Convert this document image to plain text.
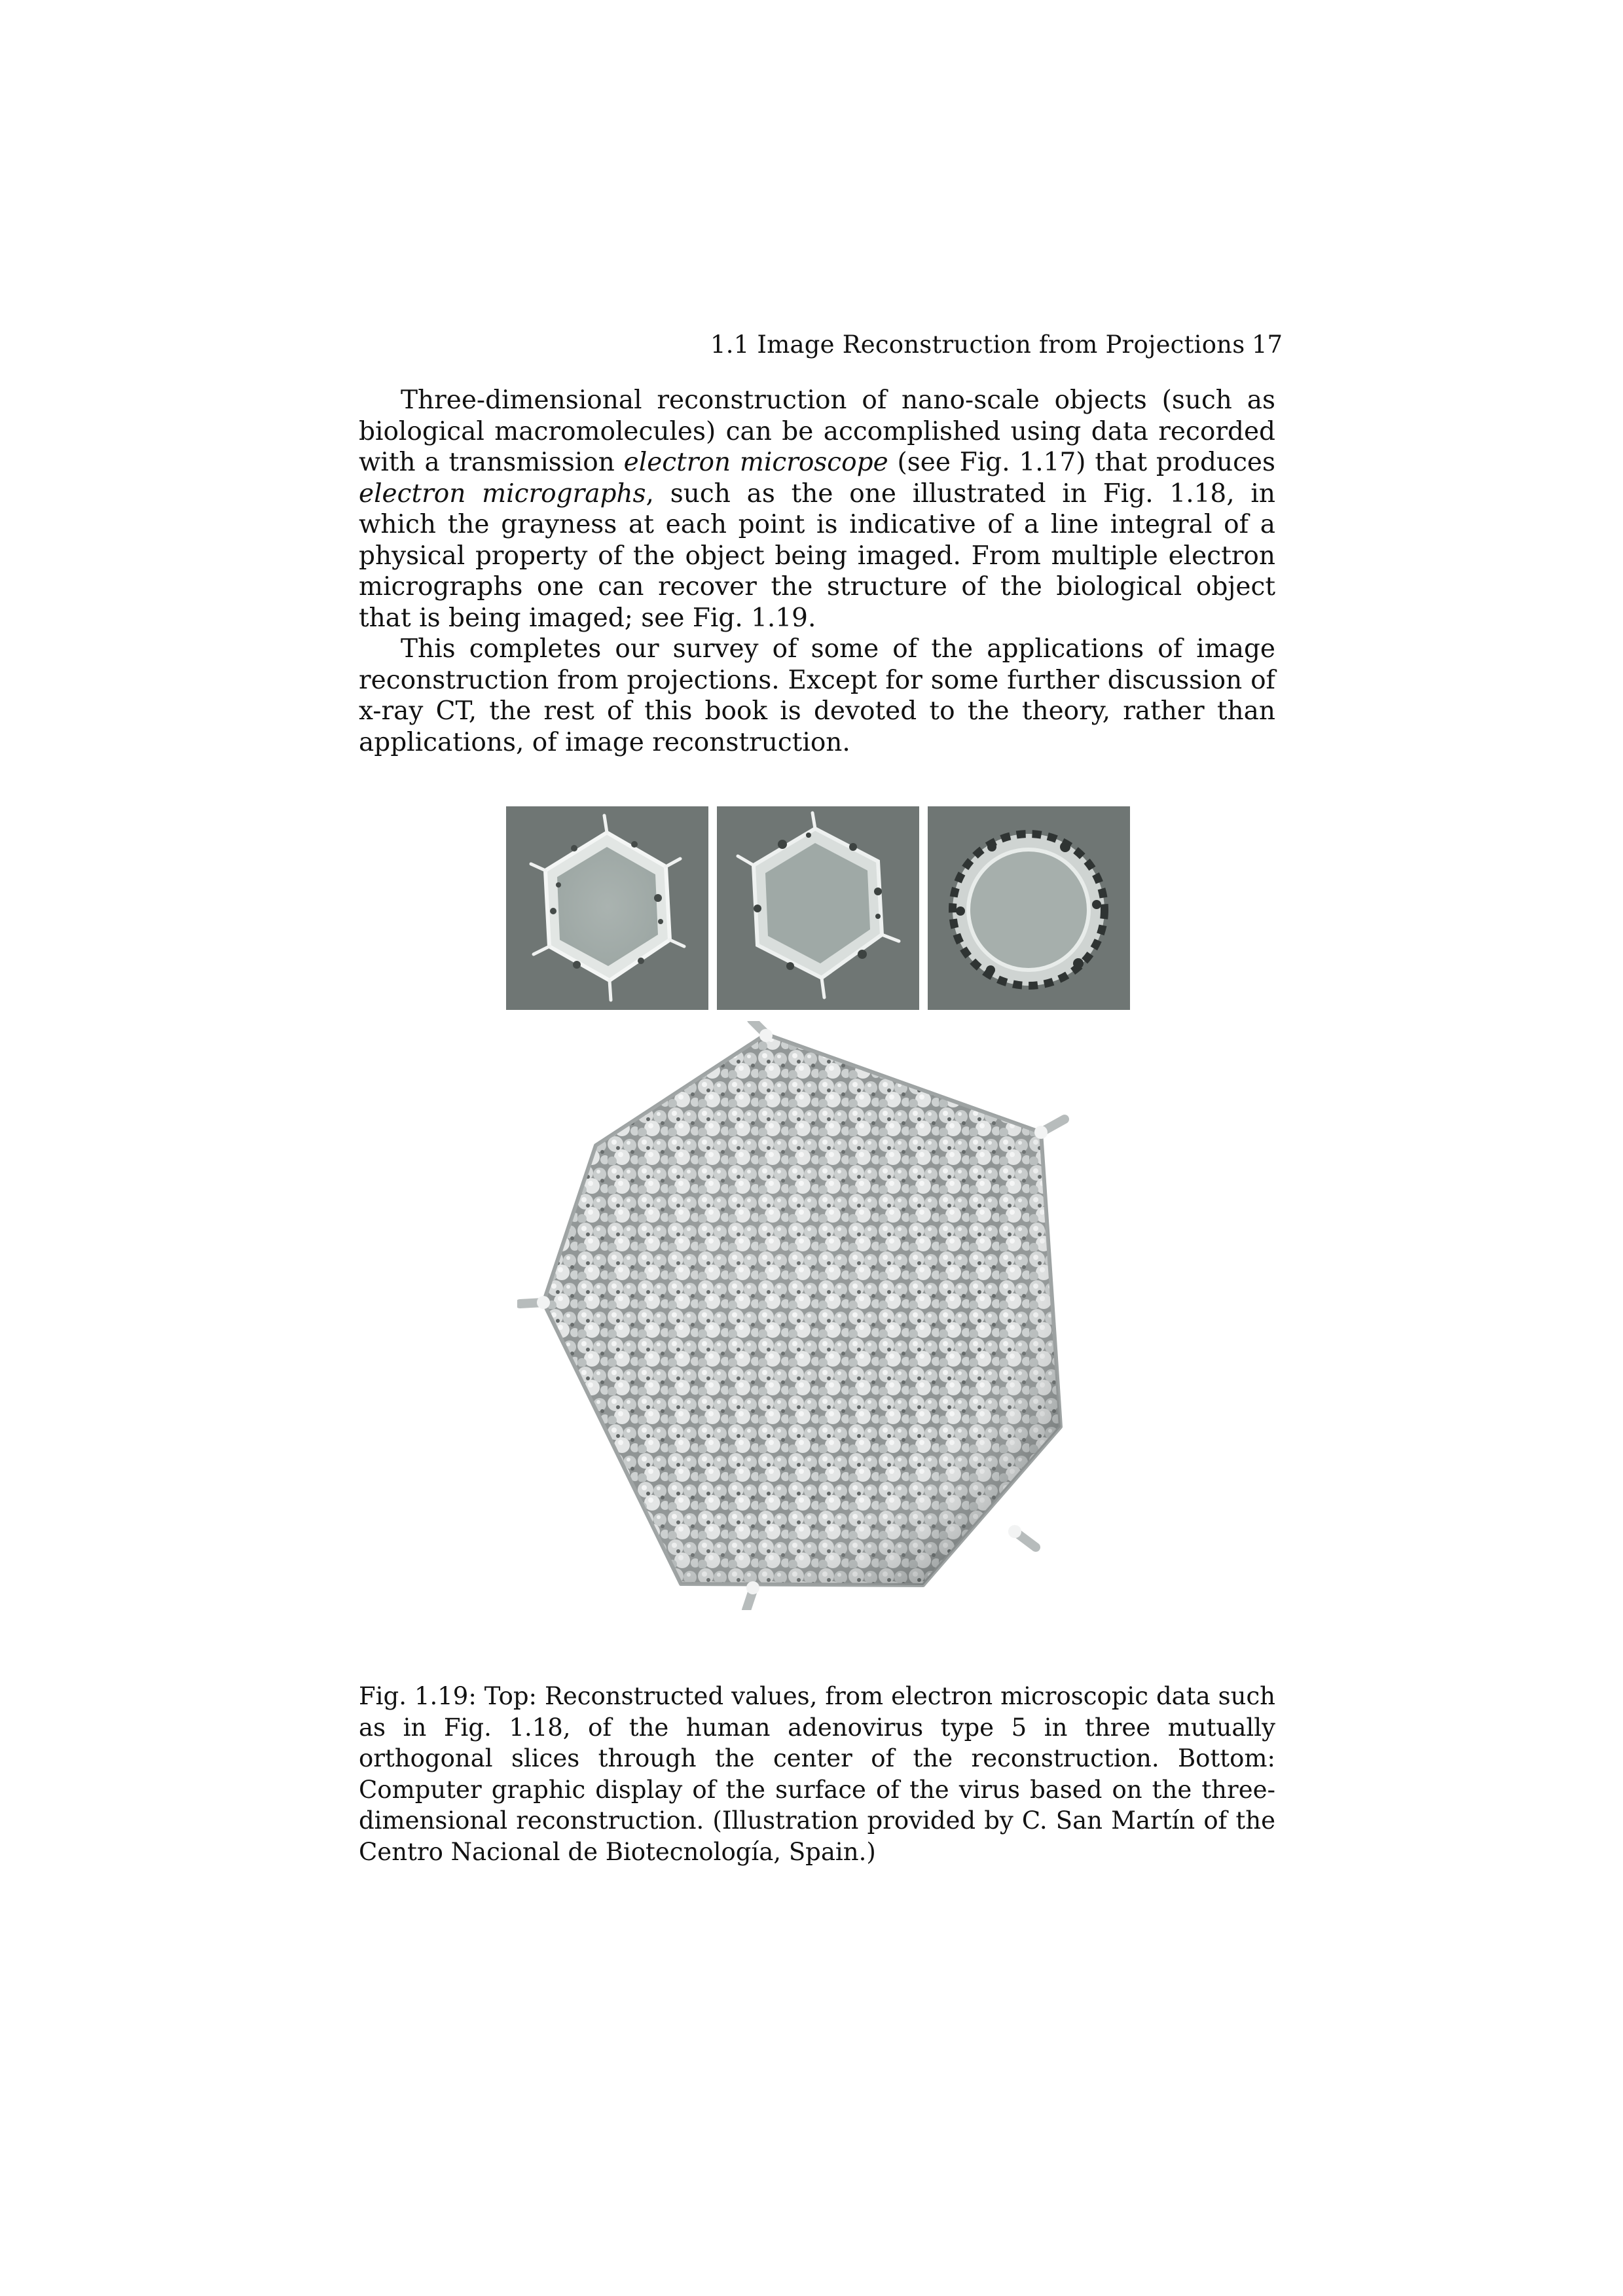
1.1 Image Reconstruction from Projections 17

Three-dimensional reconstruction of nano-scale objects (such as biological macromolecules) can be accomplished using data recorded with a transmission electron microscope (see Fig. 1.17) that produces electron micrographs, such as the one illustrated in Fig. 1.18, in which the grayness at each point is indicative of a line integral of a physical property of the object being imaged. From multiple electron micrographs one can recover the structure of the biological object that is being imaged; see Fig. 1.19.

This completes our survey of some of the applications of image reconstruction from projections. Except for some further discussion of x-ray CT, the rest of this book is devoted to the theory, rather than applications, of image reconstruction.

Fig. 1.19: Top: Reconstructed values, from electron microscopic data such as in Fig. 1.18, of the human adenovirus type 5 in three mutually orthogonal slices through the center of the reconstruction. Bottom: Computer graphic display of the surface of the virus based on the three-dimensional reconstruction. (Illustration provided by C. San Martín of the Centro Nacional de Biotecnología, Spain.)
